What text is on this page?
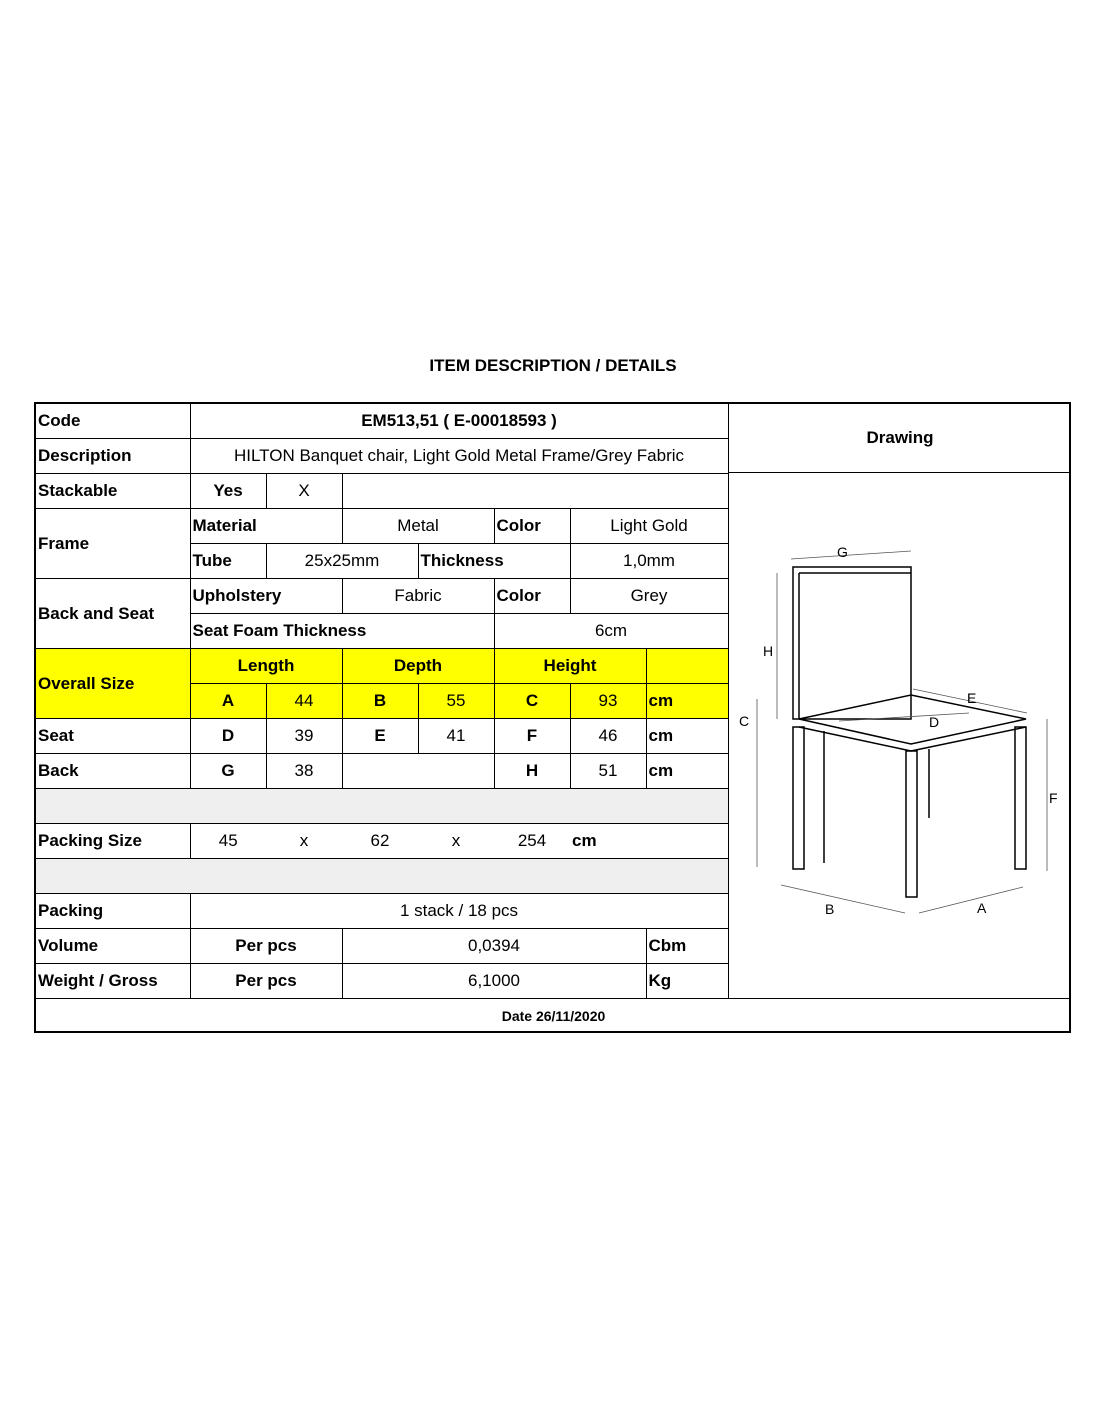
ITEM DESCRIPTION / DETAILS
Code	EM513,51 ( E-00018593 )						
Description	HILTON Banquet chair, Light Gold Metal Frame/Grey Fabric						
Stackable	Yes	X					
Frame	Material		Metal		Color	Light Gold	
	Tube	25x25mm		Thickness		1,0mm	
Back and Seat	Upholstery		Fabric		Color	Grey	
	Seat Foam Thickness				6cm		
Overall Size	Length		Depth		Height		
	A	44	B	55	C	93	cm
Seat	D	39	E	41	F	46	cm
Back	G	38			H	51	cm

Packing Size	45	x	62	x	254	cm	

Packing	1 stack / 18 pcs						
Volume	Per pcs		0,0394				Cbm
Weight / Gross	Per pcs		6,1000				Kg
Drawing
G
H
C
E
D
F
B	A
Date 26/11/2020
